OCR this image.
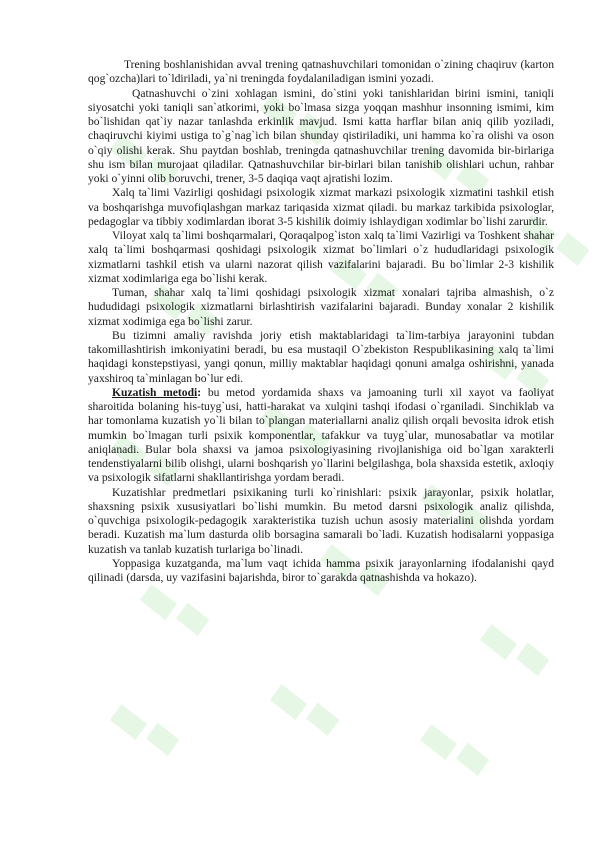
Trening boshlanishidan avval trening qatnashuvchilari tomonidan o`zining chaqiruv (karton qog`ozcha)lari to`ldiriladi, ya`ni treningda foydalaniladigan ismini yozadi.

Qatnashuvchi o`zini xohlagan ismini, do`stini yoki tanishlaridan birini ismini, taniqli siyosatchi yoki taniqli san`atkorimi, yoki bo`lmasa sizga yoqqan mashhur insonning ismimi, kim bo`lishidan qat`iy nazar tanlashda erkinlik mavjud. Ismi katta harflar bilan aniq qilib yoziladi, chaqiruvchi kiyimi ustiga to`g`nag`ich bilan shunday qistiriladiki, uni hamma ko`ra olishi va oson o`qiy olishi kerak. Shu paytdan boshlab, treningda qatnashuvchilar trening davomida bir-birlariga shu ism bilan murojaat qiladilar. Qatnashuvchilar bir-birlari bilan tanishib olishlari uchun, rahbar yoki o`yinni olib boruvchi, trener, 3-5 daqiqa vaqt ajratishi lozim.

Xalq ta`limi Vazirligi qoshidagi psixologik xizmat markazi psixologik xizmatini tashkil etish va boshqarishga muvofiqlashgan markaz tariqasida xizmat qiladi. bu markaz tarkibida psixologlar, pedagoglar va tibbiy xodimlardan iborat 3-5 kishilik doimiy ishlaydigan xodimlar bo`lishi zarurdir.

Viloyat xalq ta`limi boshqarmalari, Qoraqalpog`iston xalq ta`limi Vazirligi va Toshkent shahar xalq ta`limi boshqarmasi qoshidagi psixologik xizmat bo`limlari o`z hududlaridagi psixologik xizmatlarni tashkil etish va ularni nazorat qilish vazifalarini bajaradi. Bu bo`limlar 2-3 kishilik xizmat xodimlariga ega bo`lishi kerak.

Tuman, shahar xalq ta`limi qoshidagi psixologik xizmat xonalari tajriba almashish, o`z hududidagi psixologik xizmatlarni birlashtirish vazifalarini bajaradi. Bunday xonalar 2 kishilik xizmat xodimiga ega bo`lishi zarur.

Bu tizimni amaliy ravishda joriy etish maktablaridagi ta`lim-tarbiya jarayonini tubdan takomillashtirish imkoniyatini beradi, bu esa mustaqil O`zbekiston Respublikasining xalq ta`limi haqidagi konstepstiyasi, yangi qonun, milliy maktablar haqidagi qonuni amalga oshirishni, yanada yaxshiroq ta`minlagan bo`lur edi.

Kuzatish metodi: bu metod yordamida shaxs va jamoaning turli xil xayot va faoliyat sharoitida bolaning his-tuyg`usi, hatti-harakat va xulqini tashqi ifodasi o`rganiladi. Sinchiklab va har tomonlama kuzatish yo`li bilan to`plangan materiallarni analiz qilish orqali bevosita idrok etish mumkin bo`lmagan turli psixik komponentlar, tafakkur va tuyg`ular, munosabatlar va motilar aniqlanadi. Bular bola shaxsi va jamoa psixologiyasining rivojlanishiga oid bo`lgan xarakterli tendenstiyalarni bilib olishgi, ularni boshqarish yo`llarini belgilashga, bola shaxsida estetik, axloqiy va psixologik sifatlarni shakllantirishga yordam beradi.

Kuzatishlar predmetlari psixikaning turli ko`rinishlari: psixik jarayonlar, psixik holatlar, shaxsning psixik xususiyatlari bo`lishi mumkin. Bu metod darsni psixologik analiz qilishda, o`quvchiga psixologik-pedagogik xarakteristika tuzish uchun asosiy materialini olishda yordam beradi. Kuzatish ma`lum dasturda olib borsagina samarali bo`ladi. Kuzatish hodisalarni yoppasiga kuzatish va tanlab kuzatish turlariga bo`linadi.

Yoppasiga kuzatganda, ma`lum vaqt ichida hamma psixik jarayonlarning ifodalanishi qayd qilinadi (darsda, uy vazifasini bajarishda, biror to`garakda qatnashishda va hokazo).
